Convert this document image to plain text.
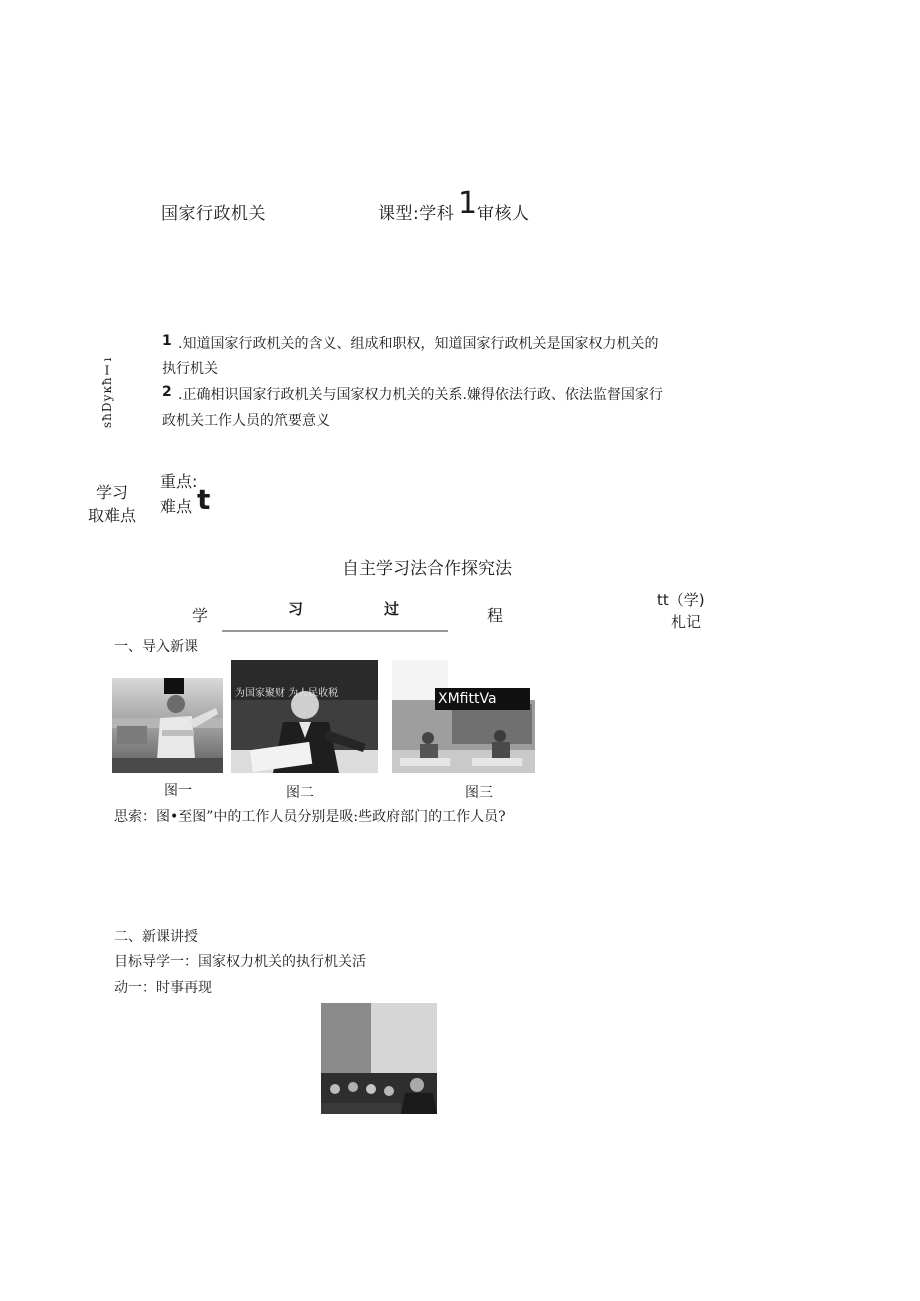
国家行政机关	课型:学科 1 审核人
sħDуĸħⅠı
1 .知道国家行政机关的含义、组成和职权，知道国家行政机关是国家权力机关的
执行机关
2 .正确相识国家行政机关与国家权力机关的关系.嫌得依法行政、依法监督国家行
政机关工作人员的笊要意义
学习
取难点
重点:
难点 t
自主学习法合作探究法
学	习	过	程
tt（学)
札记
一、导入新课
为国家聚财 为人民收税	XMfittVa
图一	图二	图三
思索：图•至图”中的工作人员分别是吸:些政府部门的工作人员?
二、新课讲授
目标导学一：国家权力机关的执行机关活
动一：时事再现
